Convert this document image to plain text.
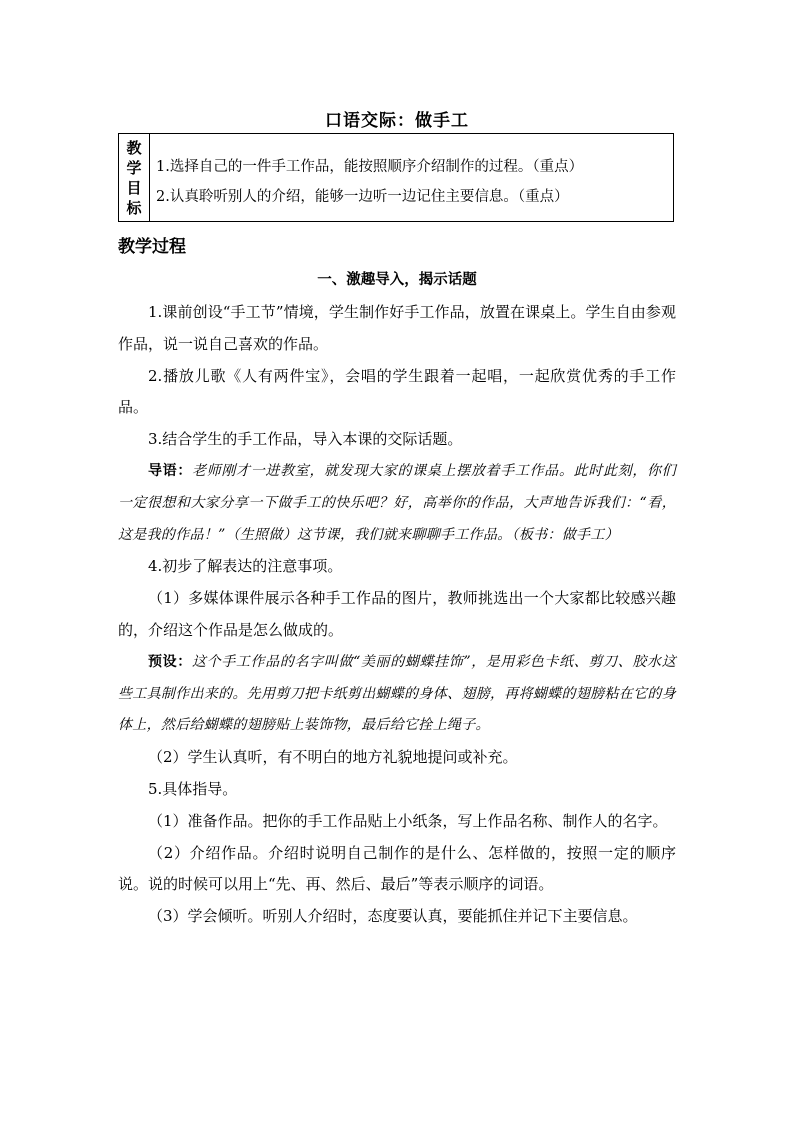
口语交际：做手工
教
学
目
标
1.选择自己的一件手工作品，能按照顺序介绍制作的过程。（重点）
2.认真聆听别人的介绍，能够一边听一边记住主要信息。（重点）
教学过程
一、激趣导入，揭示话题

1.课前创设“手工节”情境，学生制作好手工作品，放置在课桌上。学生自由参观作品，说一说自己喜欢的作品。

2.播放儿歌《人有两件宝》，会唱的学生跟着一起唱，一起欣赏优秀的手工作品。

3.结合学生的手工作品，导入本课的交际话题。

导语：老师刚才一进教室，就发现大家的课桌上摆放着手工作品。此时此刻，你们一定很想和大家分享一下做手工的快乐吧？好，高举你的作品，大声地告诉我们：“看，这是我的作品！”（生照做）这节课，我们就来聊聊手工作品。（板书：做手工）

4.初步了解表达的注意事项。

（1）多媒体课件展示各种手工作品的图片，教师挑选出一个大家都比较感兴趣的，介绍这个作品是怎么做成的。

预设：这个手工作品的名字叫做“美丽的蝴蝶挂饰”，是用彩色卡纸、剪刀、胶水这些工具制作出来的。先用剪刀把卡纸剪出蝴蝶的身体、翅膀，再将蝴蝶的翅膀粘在它的身体上，然后给蝴蝶的翅膀贴上装饰物，最后给它拴上绳子。

（2）学生认真听，有不明白的地方礼貌地提问或补充。

5.具体指导。

（1）准备作品。把你的手工作品贴上小纸条，写上作品名称、制作人的名字。

（2）介绍作品。介绍时说明自己制作的是什么、怎样做的，按照一定的顺序说。说的时候可以用上“先、再、然后、最后”等表示顺序的词语。

（3）学会倾听。听别人介绍时，态度要认真，要能抓住并记下主要信息。
